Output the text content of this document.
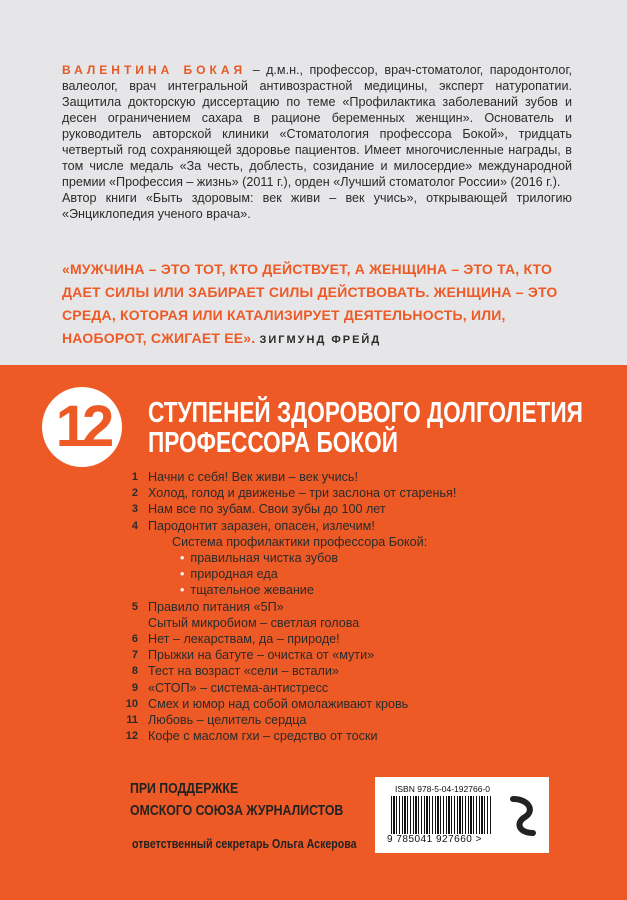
ВАЛЕНТИНА БОКАЯ – д.м.н., профессор, врач-стоматолог, пародонтолог, валеолог, врач интегральной антивозрастной медицины, эксперт натуропатии. Защитила докторскую диссертацию по теме «Профилактика заболеваний зубов и десен ограничением сахара в рационе беременных женщин». Основатель и руководитель авторской клиники «Стоматология профессора Бокой», тридцать четвертый год сохраняющей здоровье пациентов. Имеет многочисленные награды, в том числе медаль «За честь, доблесть, созидание и милосердие» международной премии «Профессия – жизнь» (2011 г.), орден «Лучший стоматолог России» (2016 г.).
Автор книги «Быть здоровым: век живи – век учись», открывающей трилогию «Энциклопедия ученого врача».
«МУЖЧИНА – ЭТО ТОТ, КТО ДЕЙСТВУЕТ, А ЖЕНЩИНА – ЭТО ТА, КТО ДАЕТ СИЛЫ ИЛИ ЗАБИРАЕТ СИЛЫ ДЕЙСТВОВАТЬ. ЖЕНЩИНА – ЭТО СРЕДА, КОТОРАЯ ИЛИ КАТАЛИЗИРУЕТ ДЕЯТЕЛЬНОСТЬ, ИЛИ, НАОБОРОТ, СЖИГАЕТ ЕЕ». ЗИГМУНД ФРЕЙД
12	СТУПЕНЕЙ ЗДОРОВОГО ДОЛГОЛЕТИЯ
ПРОФЕССОРА БОКОЙ
1 Начни с себя! Век живи – век учись!
2 Холод, голод и движенье – три заслона от старенья!
3 Нам все по зубам. Свои зубы до 100 лет
4 Пародонтит заразен, опасен, излечим!
Система профилактики профессора Бокой:
• правильная чистка зубов
• природная еда
• тщательное жевание
5 Правило питания «5П»
Сытый микробиом – светлая голова
6 Нет – лекарствам, да – природе!
7 Прыжки на батуте – очистка от «мути»
8 Тест на возраст «сели – встали»
9 «СТОП» – система-антистресс
10 Смех и юмор над собой омолаживают кровь
11 Любовь – целитель сердца
12 Кофе с маслом гхи – средство от тоски
ПРИ ПОДДЕРЖКЕ
ОМСКОГО СОЮЗА ЖУРНАЛИСТОВ
ответственный секретарь Ольга Аскерова
ISBN 978-5-04-192766-0
9 785041 927660 >
